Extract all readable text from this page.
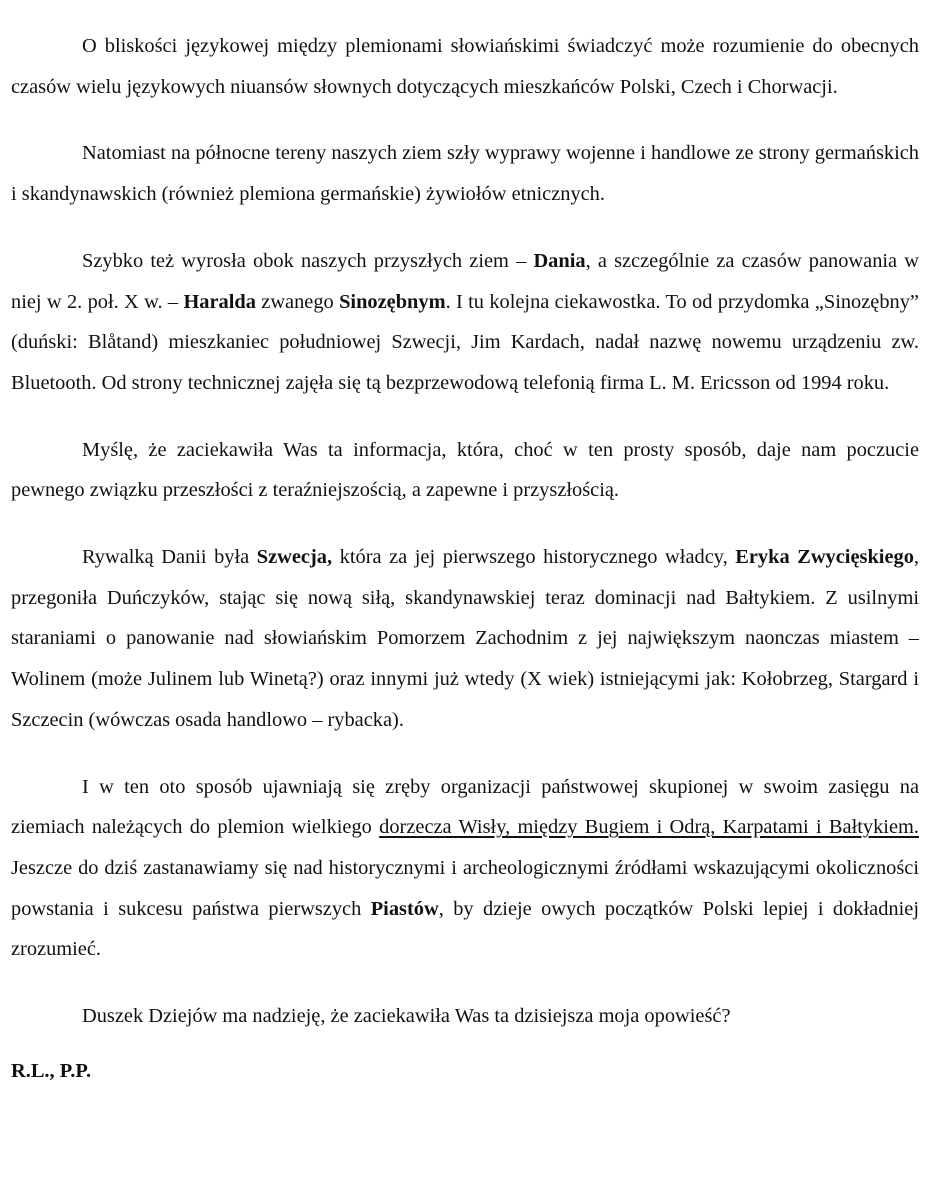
O bliskości językowej między plemionami słowiańskimi świadczyć może rozumienie do obecnych czasów wielu językowych niuansów słownych dotyczących mieszkańców Polski, Czech i Chorwacji.

Natomiast na północne tereny naszych ziem szły wyprawy wojenne i handlowe ze strony germańskich i skandynawskich (również plemiona germańskie) żywiołów etnicznych.

Szybko też wyrosła obok naszych przyszłych ziem – Dania, a szczególnie za czasów panowania w niej w 2. poł. X w. – Haralda zwanego Sinozębnym. I tu kolejna ciekawostka. To od przydomka „Sinozębny” (duński: Blåtand) mieszkaniec południowej Szwecji, Jim Kardach, nadał nazwę nowemu urządzeniu zw. Bluetooth. Od strony technicznej zajęła się tą bezprzewodową telefonią firma L. M. Ericsson od 1994 roku.

Myślę, że zaciekawiła Was ta informacja, która, choć w ten prosty sposób, daje nam poczucie pewnego związku przeszłości z teraźniejszością, a zapewne i przyszłością.

Rywalką Danii była Szwecja, która za jej pierwszego historycznego władcy, Eryka Zwycięskiego, przegoniła Duńczyków, stając się nową siłą, skandynawskiej teraz dominacji nad Bałtykiem. Z usilnymi staraniami o panowanie nad słowiańskim Pomorzem Zachodnim z jej największym naonczas miastem – Wolinem (może Julinem lub Winetą?) oraz innymi już wtedy (X wiek) istniejącymi jak: Kołobrzeg, Stargard i Szczecin (wówczas osada handlowo – rybacka).

I w ten oto sposób ujawniają się zręby organizacji państwowej skupionej w swoim zasięgu na ziemiach należących do plemion wielkiego dorzecza Wisły, między Bugiem i Odrą, Karpatami i Bałtykiem. Jeszcze do dziś zastanawiamy się nad historycznymi i archeologicznymi źródłami wskazującymi okoliczności powstania i sukcesu państwa pierwszych Piastów, by dzieje owych początków Polski lepiej i dokładniej zrozumieć.

Duszek Dziejów ma nadzieję, że zaciekawiła Was ta dzisiejsza moja opowieść?

R.L., P.P.
